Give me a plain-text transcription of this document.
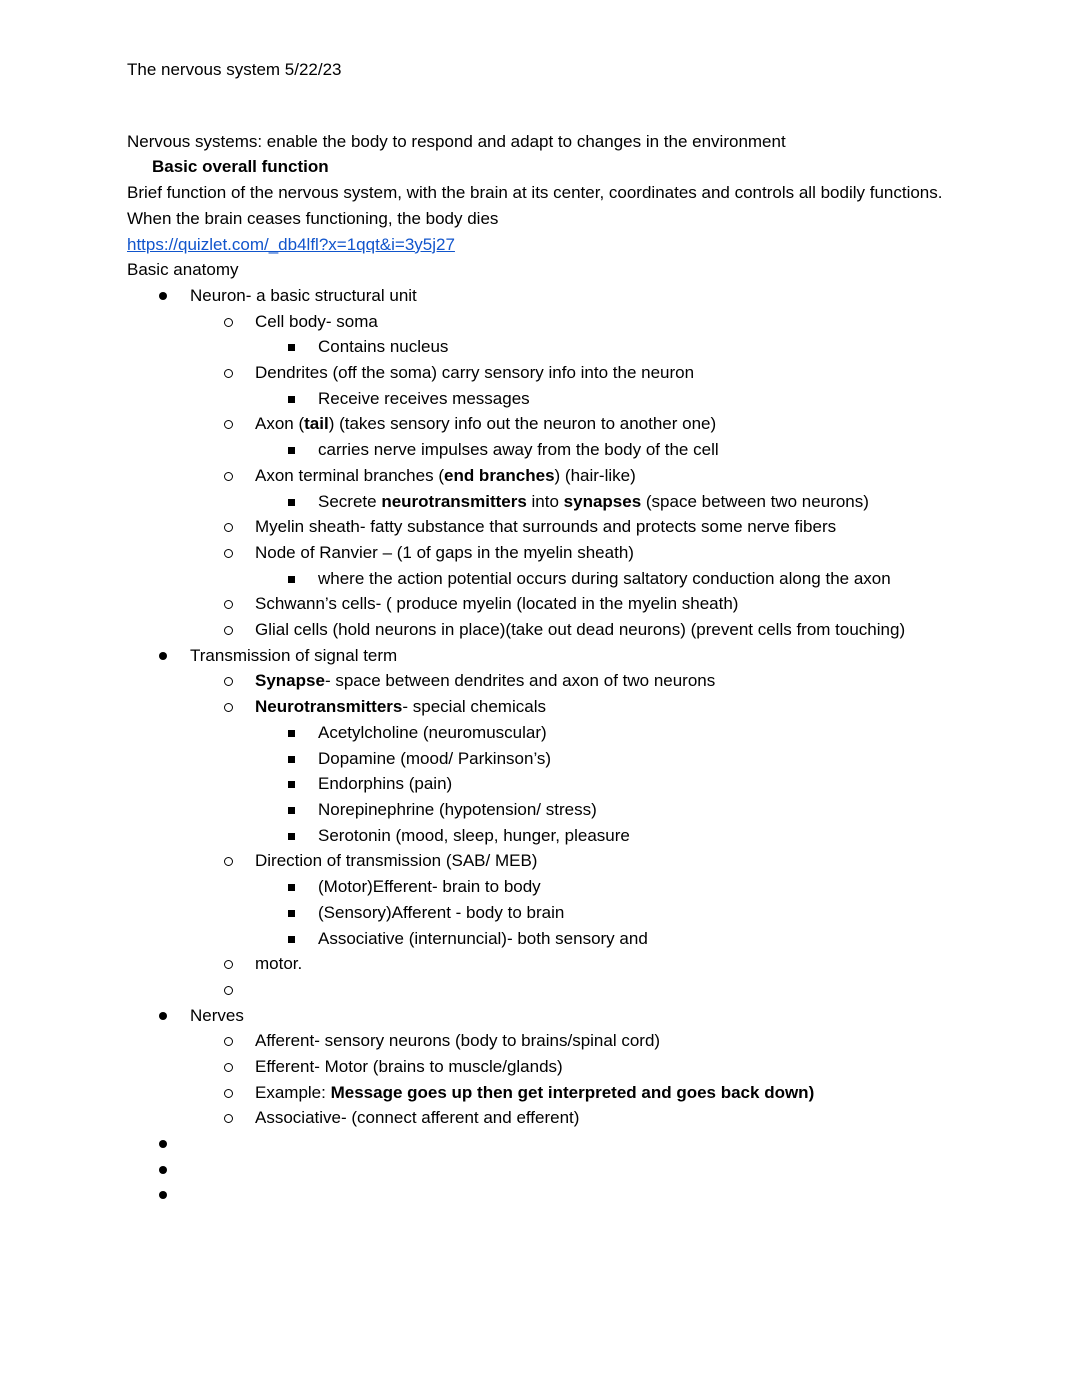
The nervous system 5/22/23

Nervous systems: enable the body to respond and adapt to changes in the environment

Basic overall function

Brief function of the nervous system, with the brain at its center, coordinates and controls all bodily functions. When the brain ceases functioning, the body dies

https://quizlet.com/_db4lfl?x=1qqt&i=3y5j27

Basic anatomy

Neuron- a basic structural unit
Cell body- soma
Contains nucleus
Dendrites (off the soma) carry sensory info into the neuron
Receive receives messages
Axon (tail) (takes sensory info out the neuron to another one)
carries nerve impulses away from the body of the cell
Axon terminal branches (end branches) (hair-like)
Secrete neurotransmitters into synapses (space between two neurons)
Myelin sheath- fatty substance that surrounds and protects some nerve fibers
Node of Ranvier – (1 of gaps in the myelin sheath)
where the action potential occurs during saltatory conduction along the axon
Schwann’s cells- ( produce myelin (located in the myelin sheath)
Glial cells (hold neurons in place)(take out dead neurons) (prevent cells from touching)
Transmission of signal term
Synapse- space between dendrites and axon of two neurons
Neurotransmitters- special chemicals
Acetylcholine (neuromuscular)
Dopamine (mood/ Parkinson’s)
Endorphins (pain)
Norepinephrine (hypotension/ stress)
Serotonin (mood, sleep, hunger, pleasure
Direction of transmission (SAB/ MEB)
(Motor)Efferent- brain to body
(Sensory)Afferent - body to brain
Associative (internuncial)- both sensory and
motor.
Nerves
Afferent- sensory neurons (body to brains/spinal cord)
Efferent- Motor (brains to muscle/glands)
Example: Message goes up then get interpreted and goes back down)
Associative- (connect afferent and efferent)
